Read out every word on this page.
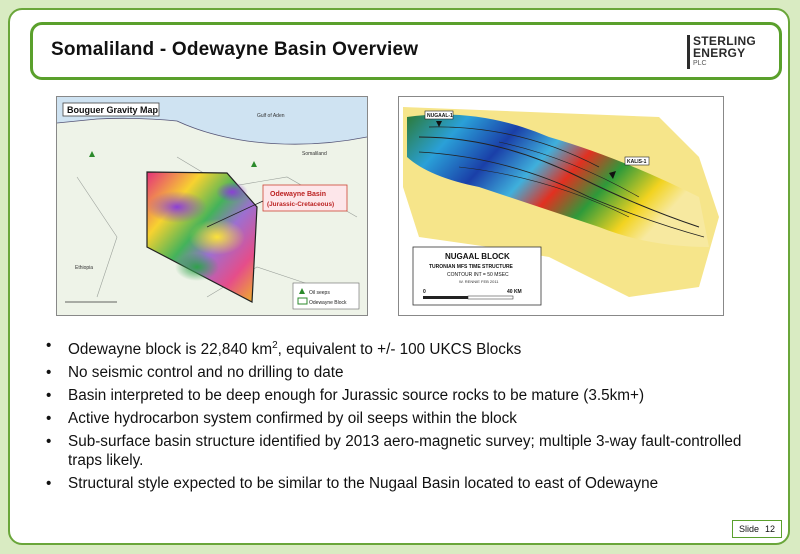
Somaliland - Odewayne Basin Overview	STERLING
ENERGY
PLC
Bouguer Gravity Map
Gulf of Aden
Somaliland
Ethiopia
Odewayne Basin
(Jurassic-Cretaceous)
Oil seeps
Odewayne Block
NUGAAL-1
KALIS-1
NUGAAL BLOCK
TURONIAN MFS TIME STRUCTURE
CONTOUR INT = 50 MSEC
W. RENNIE FEB 2011
0	40 KM
• Odewayne block is 22,840 $km^2$, equivalent to +/- 100 UKCS Blocks
• No seismic control and no drilling to date
• Basin interpreted to be deep enough for Jurassic source rocks to be mature (3.5km+)
• Active hydrocarbon system confirmed by oil seeps within the block
• Sub-surface basin structure identified by 2013 aero-magnetic survey; multiple 3-way fault-controlled traps likely.
• Structural style expected to be similar to the Nugaal Basin located to east of Odewayne
Slide 12
